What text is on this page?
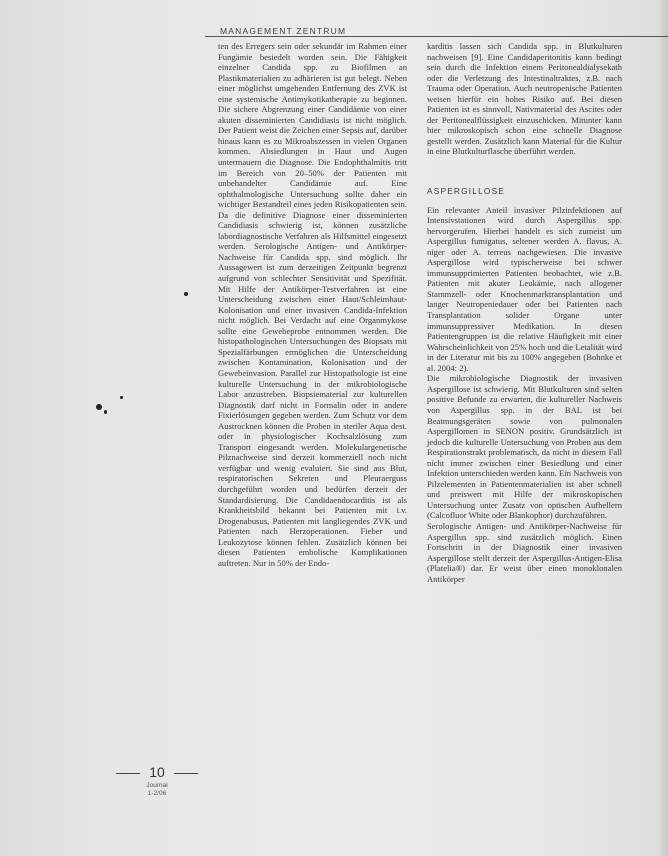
MANAGEMENT ZENTRUM

ten des Erregers sein oder sekundär im Rahmen einer Fungämie besiedelt worden sein. Die Fähigkeit einzelner Candida spp. zu Biofilmen an Plastikmaterialien zu adhärieren ist gut belegt. Neben einer möglichst umgehenden Entfernung des ZVK ist eine systemische Antimykotikatherapie zu beginnen. Die sichere Abgrenzung einer Candidämie von einer akuten disseminierten Candidiasis ist nicht möglich. Der Patient weist die Zeichen einer Sepsis auf, darüber hinaus kann es zu Mikroabszessen in vielen Organen kommen. Absiedlungen in Haut und Augen untermauern die Diagnose. Die Endophthalmitis tritt im Bereich von 20–50% der Patienten mit unbehandelter Candidämie auf. Eine ophthalmologische Untersuchung sollte daher ein wichtiger Bestandteil eines jeden Risikopatienten sein. Da die definitive Diagnose einer disseminierten Candidiasis schwierig ist, können zusätzliche labordiagnostische Verfahren als Hilfsmittel eingesetzt werden. Serologische Antigen- und Antikörper-Nachweise für Candida spp. sind möglich. Ihr Aussagewert ist zum derzeitigen Zeitpunkt begrenzt aufgrund von schlechter Sensitivität und Spezifität. Mit Hilfe der Antikörper-Testverfahren ist eine Unterscheidung zwischen einer Haut/Schleimhaut-Kolonisation und einer invasiven Candida-Infektion nicht möglich. Bei Verdacht auf eine Organmykose sollte eine Gewebeprobe entnommen werden. Die histopathologischen Untersuchungen des Biopsats mit Spezialfärbungen ermöglichen die Unterscheidung zwischen Kontamination, Kolonisation und der Gewebeinvasion. Parallel zur Histopathologie ist eine kulturelle Untersuchung in der mikrobiologische Labor anzustreben. Biopsiematerial zur kulturellen Diagnostik darf nicht in Formalin oder in andere Fixierlösungen gegeben werden. Zum Schutz vor dem Austrocknen können die Proben in steriler Aqua dest. oder in physiologischer Kochsalzlösung zum Transport eingesandt werden. Molekulargenetische Pilznachweise sind derzeit kommerziell noch nicht verfügbar und wenig evaluiert. Sie sind aus Blut, respiratorischen Sekreten und Pleuraerguss durchgeführt worden und bedürfen derzeit der Standardisierung. Die Candidaendocarditis ist als Krankheitsbild bekannt bei Patienten mit i.v. Drogenabusus, Patienten mit langliegendes ZVK und Patienten nach Herzoperationen. Fieber und Leukozytose können fehlen. Zusätzlich können bei diesen Patienten embolische Komplikationen auftreten. Nur in 50% der Endo-

karditis lassen sich Candida spp. in Blutkulturen nachweisen [9]. Eine Candidaperitonitis kann bedingt sein durch die Infektion einem Peritonealdialysekath oder die Verletzung des Intestinaltraktes, z.B. nach Trauma oder Operation. Auch neutropenische Patienten weisen hierfür ein hohes Risiko auf. Bei diesen Patienten ist es sinnvoll, Nativmaterial des Ascites oder der Peritonealflüssigkeit einzuschicken. Mitunter kann hier mikroskopisch schon eine schnelle Diagnose gestellt werden. Zusätzlich kann Material für die Kultur in eine Blutkulturflasche überführt werden.

ASPERGILLOSE

Ein relevanter Anteil invasiver Pilzinfektionen auf Intensivstationen wird durch Aspergillus spp. hervorgerufen. Hierbei handelt es sich zumeist um Aspergillus fumigatus, seltener werden A. flavus, A. niger oder A. terreus nachgewiesen. Die invasive Aspergillose wird typischerweise bei schwer immunsupprimierten Patienten beobachtet, wie z.B. Patienten mit akuter Leukämie, nach allogener Stammzell- oder Knochenmarktransplantation und langer Neutropeniedauer oder bei Patienten nach Transplantation solider Organe unter immunsuppressiver Medikation. In diesen Patientengruppen ist die relative Häufigkeit mit einer Wahrscheinlichkeit von 25% hoch und die Letalität wird in der Literatur mit bis zu 100% angegeben (Bohnke et al. 2004: 2).

Die mikrobiologische Diagnostik der invasiven Aspergillose ist schwierig. Mit Blutkulturen sind selten positive Befunde zu erwarten, die kultureller Nachweis von Aspergillus spp. in der BAL ist bei Beatmungsgeräten sowie von pulmonalen Aspergillomen in SENON positiv. Grundsätzlich ist jedoch die kulturelle Untersuchung von Proben aus dem Respirationstrakt problematisch, da nicht in diesem Fall nicht immer zwischen einer Besiedlung und einer Infektion unterschieden werden kann. Ein Nachweis von Pilzelementen in Patientenmaterialien ist aber schnell und preiswert mit Hilfe der mikroskopischen Untersuchung unter Zusatz von optischen Aufhellern (Calcofluor White oder Blankophor) durchzuführen.

Serologische Antigen- und Antikörper-Nachweise für Aspergillus spp. sind zusätzlich möglich. Einen Fortschritt in der Diagnostik einer invasiven Aspergillose stellt derzeit der Aspergillus-Antigen-Elisa (Platelia®) dar. Er weist über einen monoklonalen Antikörper

10
Journal
1-2/06
